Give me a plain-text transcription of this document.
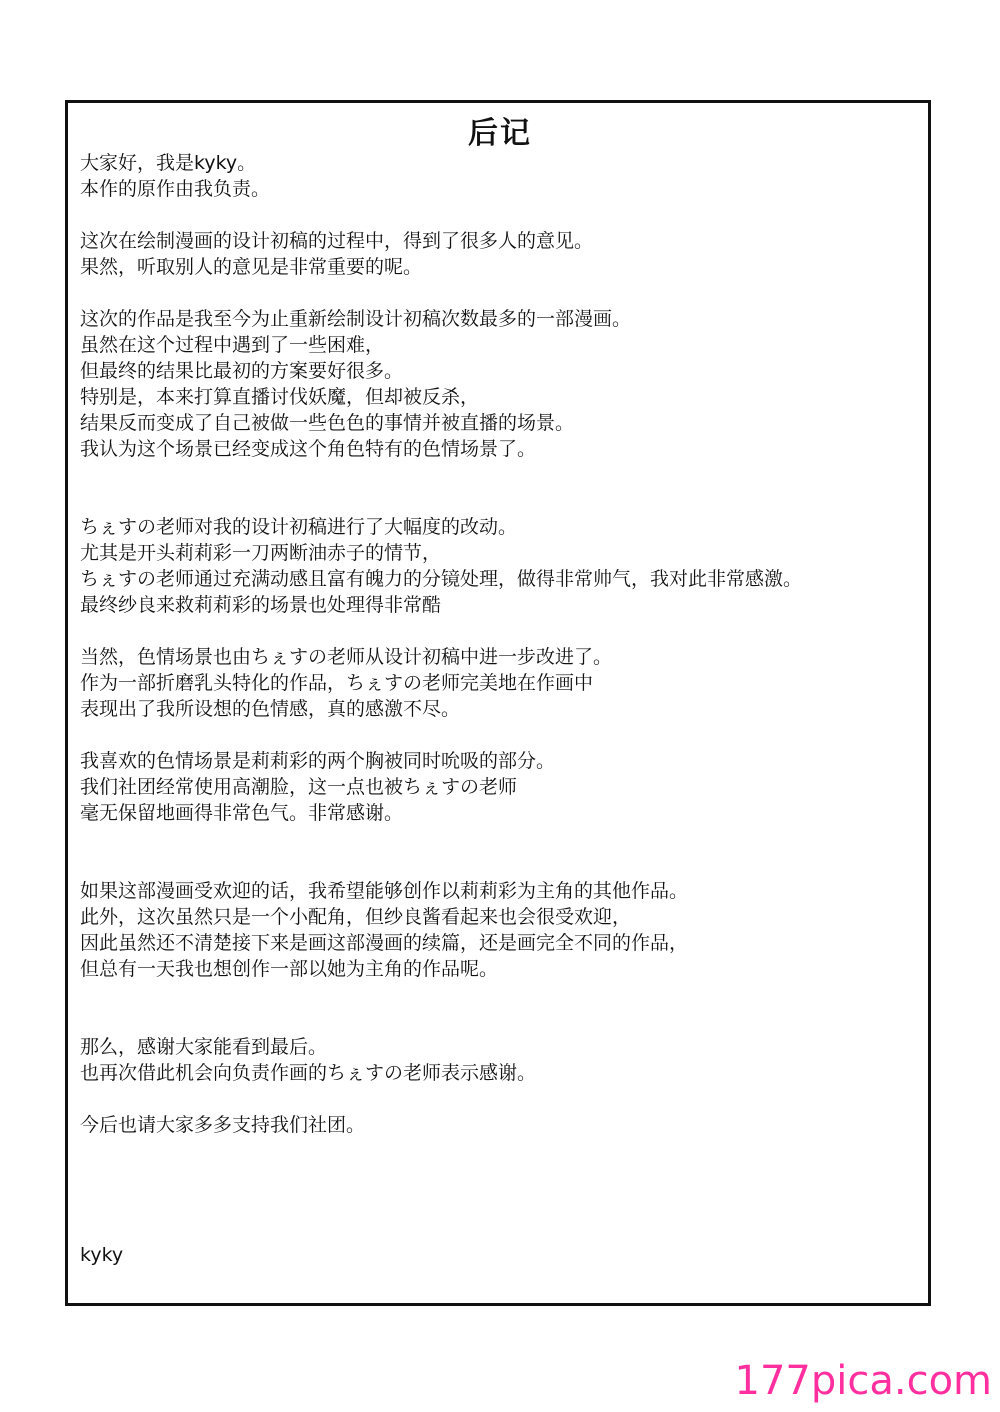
后记

大家好，我是kyky。

本作的原作由我负责。

这次在绘制漫画的设计初稿的过程中，得到了很多人的意见。

果然，听取别人的意见是非常重要的呢。

这次的作品是我至今为止重新绘制设计初稿次数最多的一部漫画。

虽然在这个过程中遇到了一些困难，

但最终的结果比最初的方案要好很多。

特别是，本来打算直播讨伐妖魔，但却被反杀，

结果反而变成了自己被做一些色色的事情并被直播的场景。

我认为这个场景已经变成这个角色特有的色情场景了。

ちぇすの老师对我的设计初稿进行了大幅度的改动。

尤其是开头莉莉彩一刀两断油赤子的情节，

ちぇすの老师通过充满动感且富有魄力的分镜处理，做得非常帅气，我对此非常感激。

最终纱良来救莉莉彩的场景也处理得非常酷

当然，色情场景也由ちぇすの老师从设计初稿中进一步改进了。

作为一部折磨乳头特化的作品，ちぇすの老师完美地在作画中

表现出了我所设想的色情感，真的感激不尽。

我喜欢的色情场景是莉莉彩的两个胸被同时吮吸的部分。

我们社团经常使用高潮脸，这一点也被ちぇすの老师

毫无保留地画得非常色气。非常感谢。

如果这部漫画受欢迎的话，我希望能够创作以莉莉彩为主角的其他作品。

此外，这次虽然只是一个小配角，但纱良酱看起来也会很受欢迎，

因此虽然还不清楚接下来是画这部漫画的续篇，还是画完全不同的作品，

但总有一天我也想创作一部以她为主角的作品呢。

那么，感谢大家能看到最后。

也再次借此机会向负责作画的ちぇすの老师表示感谢。

今后也请大家多多支持我们社团。

kyky

177pica.com
